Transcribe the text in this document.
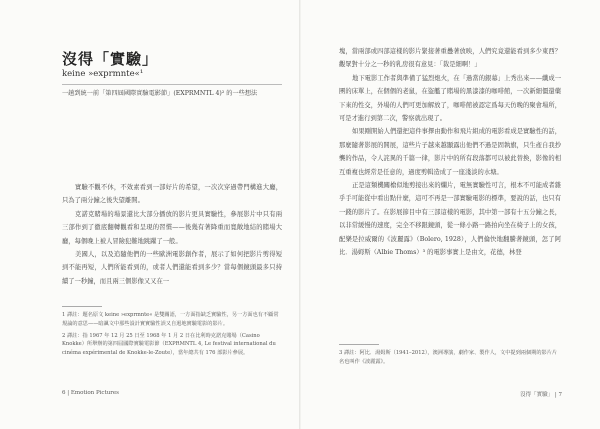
沒得「實驗」
keine »exprmnte«¹
一趟到統一前「第四屆國際實驗電影節」(EXPRMNTL 4)² 的一些想法

實驗不觀不休，不效素看到一部好片的希望，一次次穿過帶門構進大廳，只為了兩分鐘之後失望離開。

克諾克賭場的場景還比大部分播放的影片更具實驗性，參展影片中只有兩三部作到了徹底翻轉觀看和呈現的習慣——後幾有著降重而寬敞地結的賭場大廳，每個晚上被人冒險犯難地跳躍了一般。

美國人，以及追隨他們的一些歐洲電影創作者，展示了如何把影片剪得短到不能再短，人們所能看到的，或者人們還能看到多少？當每個鏡頭最多只持續了一秒鐘，而且兩三個影像又又在一

1 譯註：題名原文 keine »exprmnte« 是雙關語，一方面指缺乏實驗性，另一方面也有不顧常規論的意思——暗諷文中那些設計實實驗性誤又自迴地實驗電影的影片。

2 譯註：指 1967 年 12 月 25 日至 1968 年 1 月 2 日在比利時克諾克賭場（Casino Knokke）所舉辦的第四屆國際實驗電影節（EXPRMNTL 4, Le festival international du cinéma expérimental de Knokke-le-Zoute），當年總共有 176 部影片參展。

6 | Emotion Pictures

塊，當兩部或四部這樣的影片緊接著重疊著放映，人們究竟還能看到多少東西？觀眾對十分之一秒的乳房很有意見：「裁是細啊！」

地下電影工作者與準備了猛烈炮火，在「過當的銀幕」上秀出來——纖成一團的床單上，在個個的老鼠，在盜艦了賭場的黑漆漆的咖啡館，一次新細僵還藥下來的性交，外場的人們可更加解放了，咖啡館被認定爲每天仿晚的聚會場所，可是才進行到第二次，警察就出現了。

如果剛開始人們還把這件事擇由動作和飛片組成的電影看成是實驗性的話，那麼隨著影展的開展，這些片子越來越顯露出他們不過是固執旗，只生產自我抄襲的作品，令人詫異的千篇一律，影片中的所有段落都可以被此替換，影像的相互重複也經常是任意的，過度剪輯造成了一座淺淡的水塘。

正是這類機關槍似地剪接出來的爛片，電無實驗性可言，根本不可能成者雜乎手可能從中看出點什麼，這可不再是一部實驗電影的標準，要說的話，也只有一錢的影片了。在影展節目中有三部這樣的電影，其中第一部有十五分鐘之長，以非常緩慢的速度，完全不移跟鏡頭，從一條小路一路拍向坐在椅子上的女孩，配樂是拉威爾的《波麗露》（Bolero, 1928），人們倫快地翻騰著鏡頭，怎了阿比．湯姆斯（Albie Thoms）³ 的電影事實上是由文，花德，林登

3 譯註：阿比．湯姆斯（1941–2012），澳洲導演，劇作家、製作人，文中提到兩個期的影片片名也叫作《波麗露》。

沒得「實驗」 | 7
